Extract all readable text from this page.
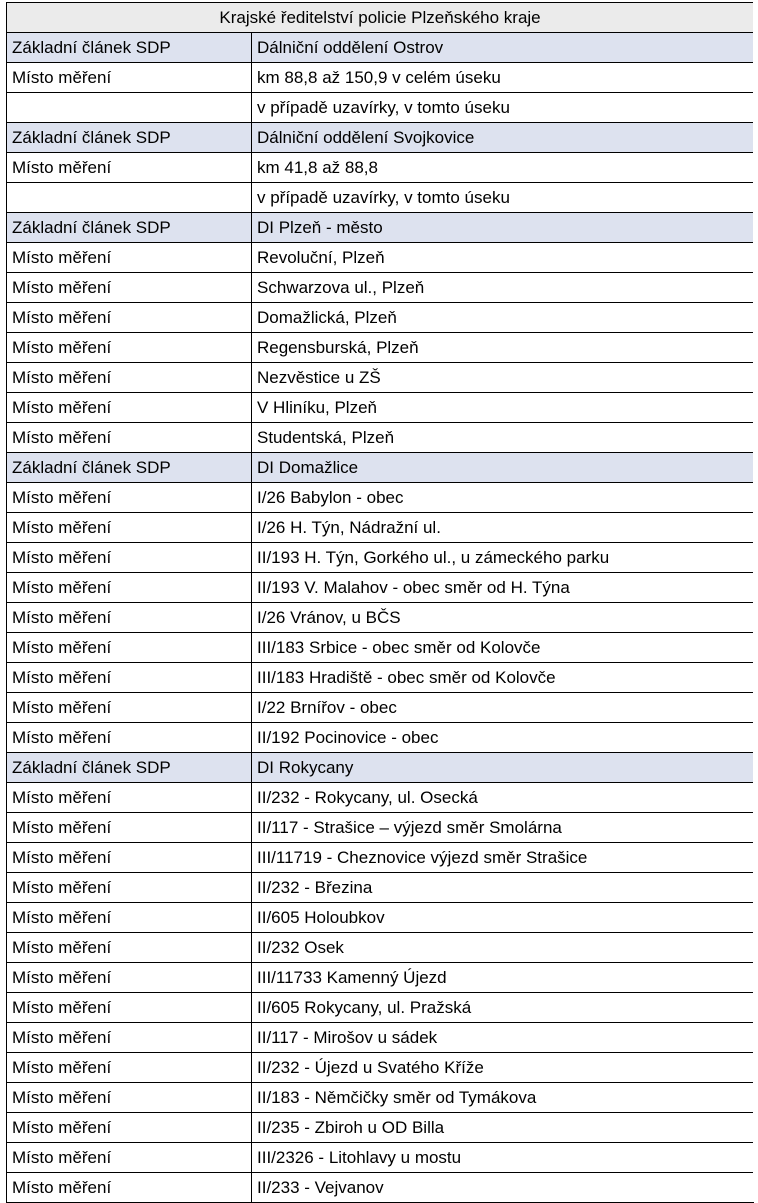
Krajské ředitelství policie Plzeňského kraje	
Základní článek SDP	Dálniční oddělení Ostrov
Místo měření	km 88,8 až 150,9 v celém úseku
	v případě uzavírky, v tomto úseku
Základní článek SDP	Dálniční oddělení Svojkovice
Místo měření	km 41,8 až 88,8
	v případě uzavírky, v tomto úseku
Základní článek SDP	DI Plzeň - město
Místo měření	Revoluční, Plzeň
Místo měření	Schwarzova ul., Plzeň
Místo měření	Domažlická, Plzeň
Místo měření	Regensburská, Plzeň
Místo měření	Nezvěstice u ZŠ
Místo měření	V Hliníku, Plzeň
Místo měření	Studentská, Plzeň
Základní článek SDP	DI Domažlice
Místo měření	I/26 Babylon - obec
Místo měření	I/26 H. Týn, Nádražní ul.
Místo měření	II/193 H. Týn, Gorkého ul., u zámeckého parku
Místo měření	II/193 V. Malahov - obec směr od H. Týna
Místo měření	I/26 Vránov, u BČS
Místo měření	III/183 Srbice - obec směr od Kolovče
Místo měření	III/183 Hradiště - obec směr od Kolovče
Místo měření	I/22 Brnířov - obec
Místo měření	II/192 Pocinovice - obec
Základní článek SDP	DI Rokycany
Místo měření	II/232 - Rokycany, ul. Osecká
Místo měření	II/117 - Strašice – výjezd směr Smolárna
Místo měření	III/11719 - Cheznovice výjezd směr Strašice
Místo měření	II/232 - Březina
Místo měření	II/605 Holoubkov
Místo měření	II/232 Osek
Místo měření	III/11733 Kamenný Újezd
Místo měření	II/605 Rokycany, ul. Pražská
Místo měření	II/117 - Mirošov u sádek
Místo měření	II/232 - Újezd u Svatého Kříže
Místo měření	II/183 - Němčičky směr od Tymákova
Místo měření	II/235 - Zbiroh u OD Billa
Místo měření	III/2326 - Litohlavy u mostu
Místo měření	II/233 - Vejvanov
